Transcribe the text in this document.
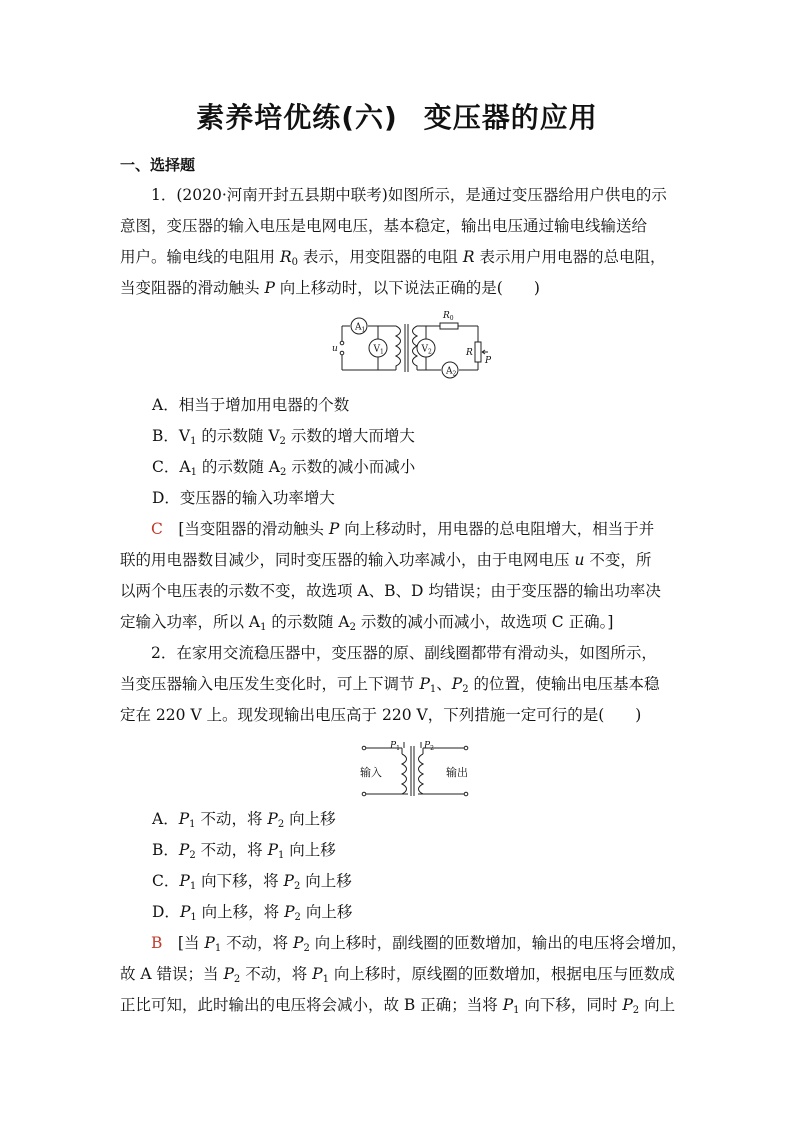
素养培优练(六) 变压器的应用
一、选择题
1．(2020·河南开封五县期中联考)如图所示，是通过变压器给用户供电的示
意图，变压器的输入电压是电网电压，基本稳定，输出电压通过输电线输送给
用户。输电线的电阻用 $R_0$ 表示，用变阻器的电阻 R 表示用户用电器的总电阻，
当变阻器的滑动触头 P 向上移动时，以下说法正确的是(　　)
$A_1$
$V_1$	$V_2$
$A_2$
$R_0$
R
P
u
A．相当于增加用电器的个数
B．$V_1$ 的示数随 $V_2$ 示数的增大而增大
C．$A_1$ 的示数随 $A_2$ 示数的减小而减小
D．变压器的输入功率增大
C　[当变阻器的滑动触头 P 向上移动时，用电器的总电阻增大，相当于并
联的用电器数目减少，同时变压器的输入功率减小，由于电网电压 u 不变，所
以两个电压表的示数不变，故选项 A、B、D 均错误；由于变压器的输出功率决
定输入功率，所以 $A_1$ 的示数随 $A_2$ 示数的减小而减小，故选项 C 正确。]
2．在家用交流稳压器中，变压器的原、副线圈都带有滑动头，如图所示，
当变压器输入电压发生变化时，可上下调节 $P_1$、$P_2$ 的位置，使输出电压基本稳
定在 220 V 上。现发现输出电压高于 220 V，下列措施一定可行的是(　　)
$P_1$	$P_2$
输入	输出
A．$P_1$ 不动，将 $P_2$ 向上移
B．$P_2$ 不动，将 $P_1$ 向上移
C．$P_1$ 向下移，将 $P_2$ 向上移
D．$P_1$ 向上移，将 $P_2$ 向上移
B　[当 $P_1$ 不动，将 $P_2$ 向上移时，副线圈的匝数增加，输出的电压将会增加，
故 A 错误；当 $P_2$ 不动，将 $P_1$ 向上移时，原线圈的匝数增加，根据电压与匝数成
正比可知，此时输出的电压将会减小，故 B 正确；当将 $P_1$ 向下移，同时 $P_2$ 向上
